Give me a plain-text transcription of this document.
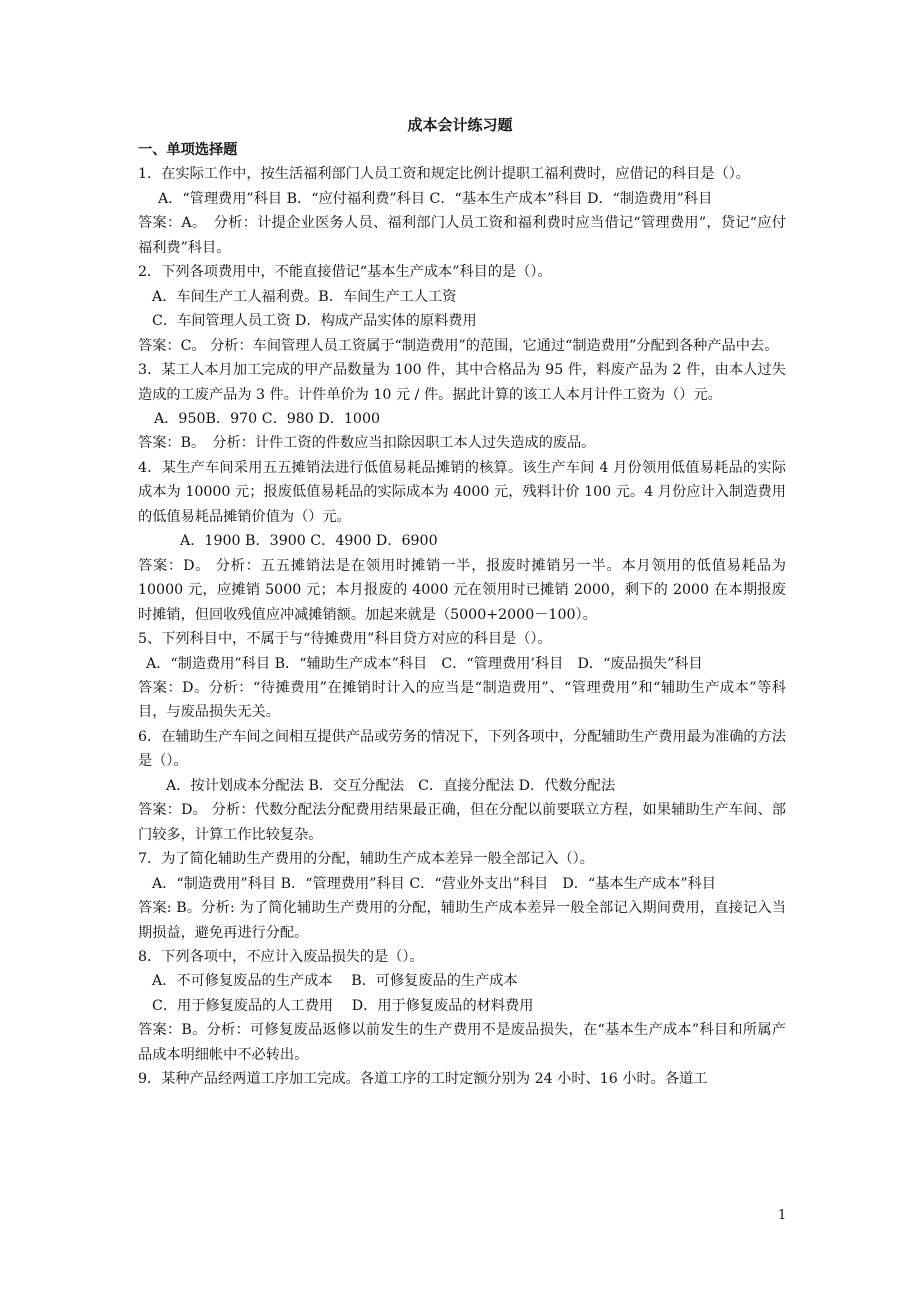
成本会计练习题

一、单项选择题

1．在实际工作中，按生活福利部门人员工资和规定比例计提职工福利费时，应借记的科目是（）。

A．“管理费用”科目 B．“应付福利费”科目 C．“基本生产成本”科目 D．“制造费用”科目

答案：A。　分析：计提企业医务人员、福利部门人员工资和福利费时应当借记“管理费用”，贷记“应付福利费”科目。

2．下列各项费用中，不能直接借记“基本生产成本”科目的是（）。

A．车间生产工人福利费。B．车间生产工人工资

C．车间管理人员工资 D．构成产品实体的原料费用

答案：C。 分析：车间管理人员工资属于“制造费用”的范围，它通过“制造费用”分配到各种产品中去。

3．某工人本月加工完成的甲产品数量为 100 件，其中合格品为 95 件，料废产品为 2 件，由本人过失造成的工废产品为 3 件。计件单价为 10 元 / 件。据此计算的该工人本月计件工资为（）元。

A．950B．970 C．980 D．1000

答案：B。　分析：计件工资的件数应当扣除因职工本人过失造成的废品。

4．某生产车间采用五五摊销法进行低值易耗品摊销的核算。该生产车间 4 月份领用低值易耗品的实际成本为 10000 元；报废低值易耗品的实际成本为 4000 元，残料计价 100 元。4 月份应计入制造费用的低值易耗品摊销价值为（）元。

A．1900 B．3900 C．4900 D．6900

答案：D。 分析：五五摊销法是在领用时摊销一半，报废时摊销另一半。本月领用的低值易耗品为 10000 元，应摊销 5000 元；本月报废的 4000 元在领用时已摊销 2000，剩下的 2000 在本期报废时摊销，但回收残值应冲减摊销额。加起来就是（5000+2000－100）。

5、下列科目中，不属于与“待摊费用”科目贷方对应的科目是（）。

A．“制造费用”科目 B．“辅助生产成本”科目　C．“管理费用’科目　D．“废品损失”科目

答案：D。分析：“待摊费用”在摊销时计入的应当是“制造费用”、“管理费用”和“辅助生产成本”等科目，与废品损失无关。

6．在辅助生产车间之间相互提供产品或劳务的情况下，下列各项中，分配辅助生产费用最为准确的方法是（）。

A．按计划成本分配法 B．交互分配法　C．直接分配法 D．代数分配法

答案：D。 分析：代数分配法分配费用结果最正确，但在分配以前要联立方程，如果辅助生产车间、部门较多，计算工作比较复杂。

7．为了简化辅助生产费用的分配，辅助生产成本差异一般全部记入（）。

A．“制造费用”科目 B．“管理费用”科目 C．“营业外支出”科目　D．“基本生产成本”科目

答案: B。分析: 为了简化辅助生产费用的分配，辅助生产成本差异一般全部记入期间费用，直接记入当期损益，避免再进行分配。

8．下列各项中，不应计入废品损失的是（）。

A．不可修复废品的生产成本　 B．可修复废品的生产成本

C．用于修复废品的人工费用　 D．用于修复废品的材料费用

答案：B。分析：可修复废品返修以前发生的生产费用不是废品损失，在“基本生产成本”科目和所属产品成本明细帐中不必转出。

9．某种产品经两道工序加工完成。各道工序的工时定额分别为 24 小时、16 小时。各道工

1
